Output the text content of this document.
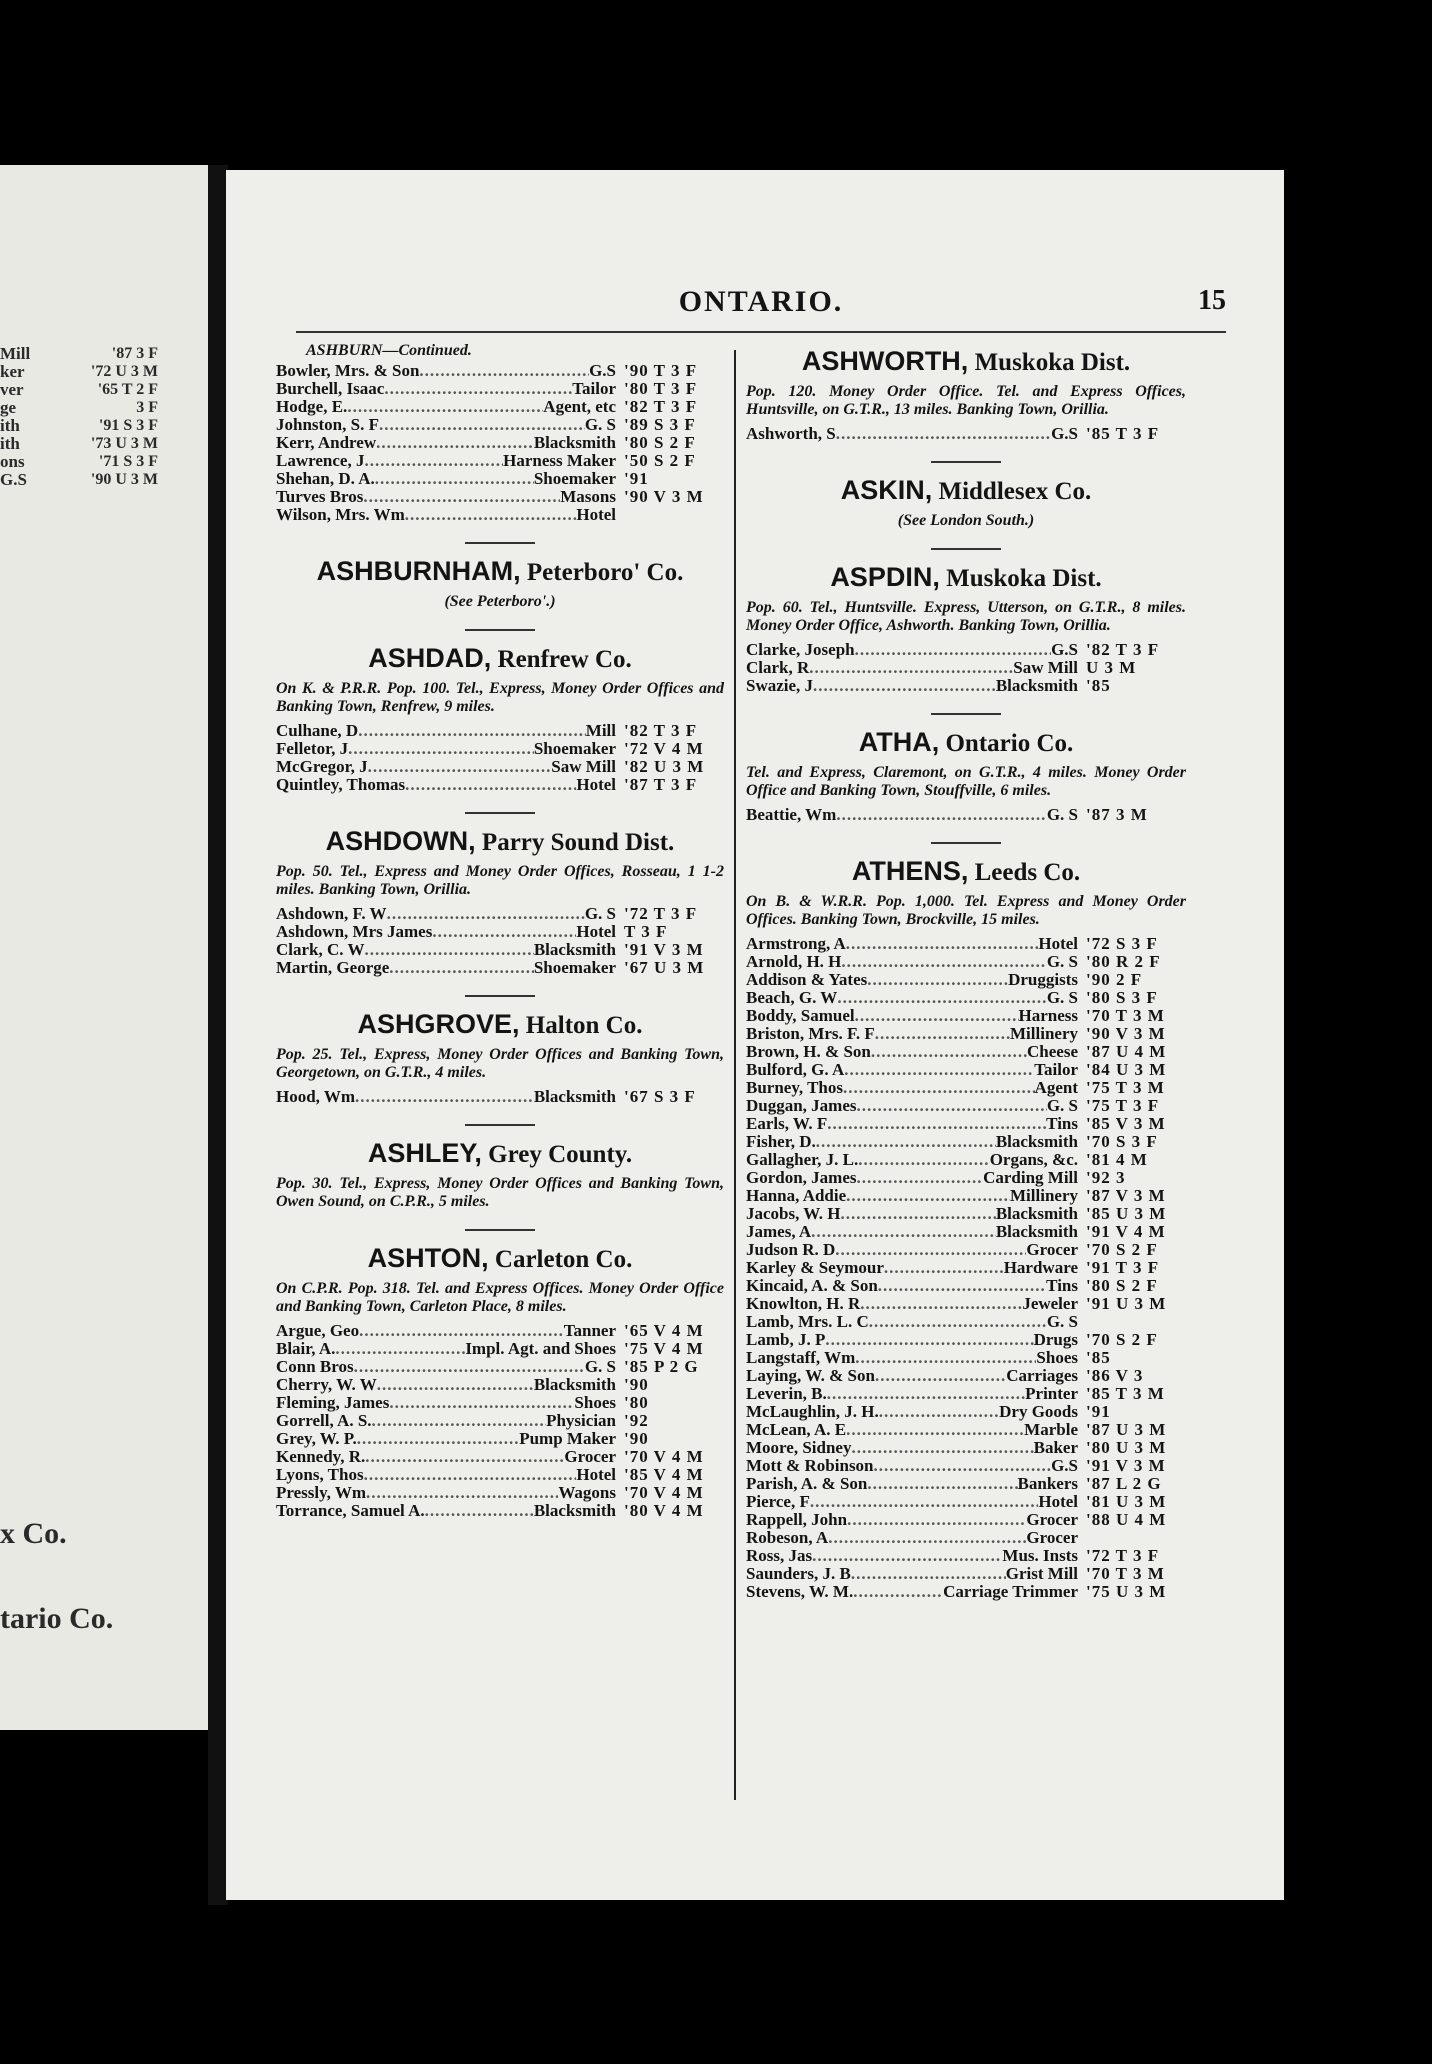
Mill	'87 3 F
ker	'72 U 3 M
ver	'65 T 2 F
ge	3 F
ith	'91 S 3 F
ith	'73 U 3 M
ons	'71 S 3 F
G.S	'90 U 3 M
x Co.
tario Co.
ONTARIO.	15
ASHBURN—Continued.
Bowler, Mrs. & Son .....	G.S '90 T 3 F
Burchell, Isaac .....	Tailor '80 T 3 F
Hodge, E. .....	Agent, etc '82 T 3 F
Johnston, S. F .....	G. S '89 S 3 F
Kerr, Andrew .....	Blacksmith '80 S 2 F
Lawrence, J .....	Harness Maker '50 S 2 F
Shehan, D. A. .....	Shoemaker '91
Turves Bros .....	Masons '90 V 3 M
Wilson, Mrs. Wm .....	Hotel
ASHBURNHAM, Peterboro' Co.
(See Peterboro'.)
ASHDAD, Renfrew Co.
On K. & P.R.R. Pop. 100. Tel., Express, Money Order Offices and Banking Town, Renfrew, 9 miles.
Culhane, D .....	Mill '82 T 3 F
Felletor, J .....	Shoemaker '72 V 4 M
McGregor, J .....	Saw Mill '82 U 3 M
Quintley, Thomas .....	Hotel '87 T 3 F
ASHDOWN, Parry Sound Dist.
Pop. 50. Tel., Express and Money Order Offices, Rosseau, 1 1-2 miles. Banking Town, Orillia.
Ashdown, F. W .....	G. S '72 T 3 F
Ashdown, Mrs James .....	Hotel T 3 F
Clark, C. W .....	Blacksmith '91 V 3 M
Martin, George .....	Shoemaker '67 U 3 M
ASHGROVE, Halton Co.
Pop. 25. Tel., Express, Money Order Offices and Banking Town, Georgetown, on G.T.R., 4 miles.
Hood, Wm .....	Blacksmith '67 S 3 F
ASHLEY, Grey County.
Pop. 30. Tel., Express, Money Order Offices and Banking Town, Owen Sound, on C.P.R., 5 miles.
ASHTON, Carleton Co.
On C.P.R. Pop. 318. Tel. and Express Offices. Money Order Office and Banking Town, Carleton Place, 8 miles.
Argue, Geo .....	Tanner '65 V 4 M
Blair, A. .....	Impl. Agt. and Shoes '75 V 4 M
Conn Bros .....	G. S '85 P 2 G
Cherry, W. W .....	Blacksmith '90
Fleming, James .....	Shoes '80
Gorrell, A. S. .....	Physician '92
Grey, W. P. .....	Pump Maker '90
Kennedy, R. .....	Grocer '70 V 4 M
Lyons, Thos .....	Hotel '85 V 4 M
Pressly, Wm .....	Wagons '70 V 4 M
Torrance, Samuel A. .....	Blacksmith '80 V 4 M
ASHWORTH, Muskoka Dist.
Pop. 120. Money Order Office. Tel. and Express Offices, Huntsville, on G.T.R., 13 miles. Banking Town, Orillia.
Ashworth, S .....	G.S '85 T 3 F
ASKIN, Middlesex Co.
(See London South.)
ASPDIN, Muskoka Dist.
Pop. 60. Tel., Huntsville. Express, Utterson, on G.T.R., 8 miles. Money Order Office, Ashworth. Banking Town, Orillia.
Clarke, Joseph .....	G.S '82 T 3 F
Clark, R .....	Saw Mill U 3 M
Swazie, J .....	Blacksmith '85
ATHA, Ontario Co.
Tel. and Express, Claremont, on G.T.R., 4 miles. Money Order Office and Banking Town, Stouffville, 6 miles.
Beattie, Wm .....	G. S '87 3 M
ATHENS, Leeds Co.
On B. & W.R.R. Pop. 1,000. Tel. Express and Money Order Offices. Banking Town, Brockville, 15 miles.
Armstrong, A .....	Hotel '72 S 3 F
Arnold, H. H .....	G. S '80 R 2 F
Addison & Yates .....	Druggists '90 2 F
Beach, G. W .....	G. S '80 S 3 F
Boddy, Samuel .....	Harness '70 T 3 M
Briston, Mrs. F. F .....	Millinery '90 V 3 M
Brown, H. & Son .....	Cheese '87 U 4 M
Bulford, G. A .....	Tailor '84 U 3 M
Burney, Thos .....	Agent '75 T 3 M
Duggan, James .....	G. S '75 T 3 F
Earls, W. F .....	Tins '85 V 3 M
Fisher, D. .....	Blacksmith '70 S 3 F
Gallagher, J. L. .....	Organs, &c. '81 4 M
Gordon, James .....	Carding Mill '92 3
Hanna, Addie .....	Millinery '87 V 3 M
Jacobs, W. H .....	Blacksmith '85 U 3 M
James, A .....	Blacksmith '91 V 4 M
Judson R. D .....	Grocer '70 S 2 F
Karley & Seymour .....	Hardware '91 T 3 F
Kincaid, A. & Son .....	Tins '80 S 2 F
Knowlton, H. R .....	Jeweler '91 U 3 M
Lamb, Mrs. L. C .....	G. S
Lamb, J. P .....	Drugs '70 S 2 F
Langstaff, Wm .....	Shoes '85
Laying, W. & Son .....	Carriages '86 V 3
Leverin, B. .....	Printer '85 T 3 M
McLaughlin, J. H. .....	Dry Goods '91
McLean, A. E .....	Marble '87 U 3 M
Moore, Sidney .....	Baker '80 U 3 M
Mott & Robinson .....	G.S '91 V 3 M
Parish, A. & Son .....	Bankers '87 L 2 G
Pierce, F .....	Hotel '81 U 3 M
Rappell, John .....	Grocer '88 U 4 M
Robeson, A .....	Grocer
Ross, Jas .....	Mus. Insts '72 T 3 F
Saunders, J. B .....	Grist Mill '70 T 3 M
Stevens, W. M. .....	Carriage Trimmer '75 U 3 M
